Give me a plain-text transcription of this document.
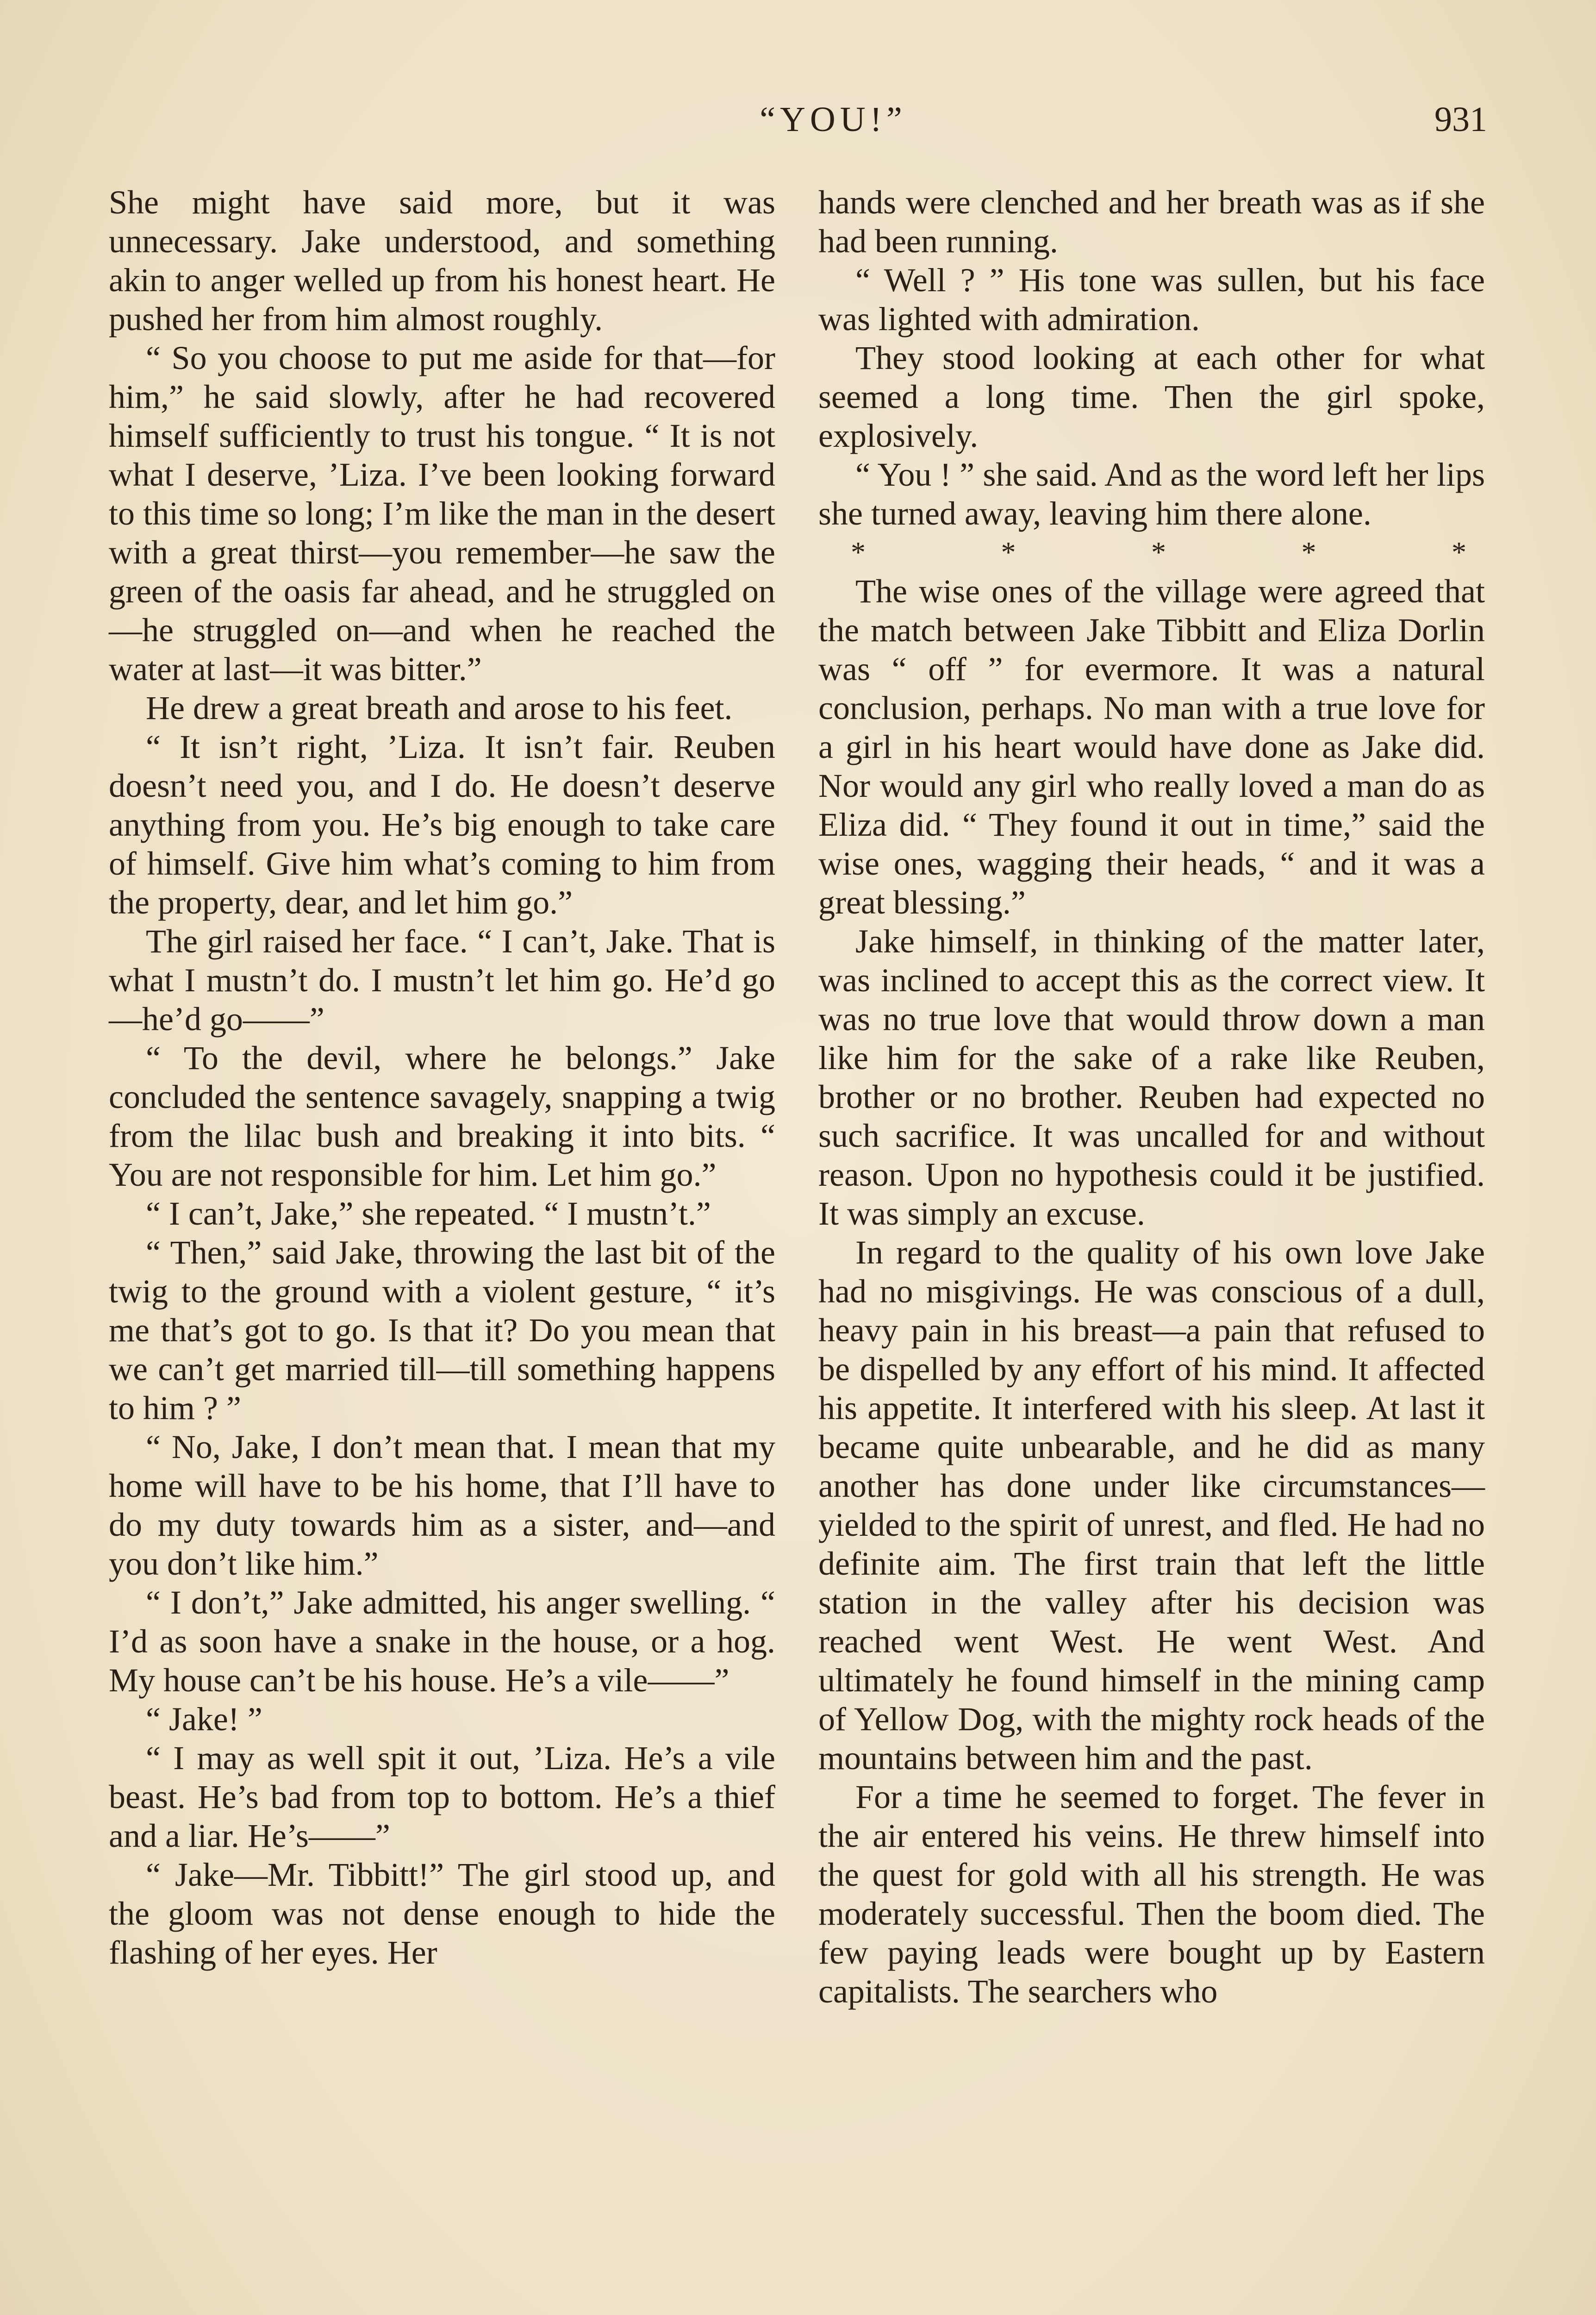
“YOU!”	931

She might have said more, but it was unnecessary. Jake understood, and something akin to anger welled up from his honest heart. He pushed her from him almost roughly.

“ So you choose to put me aside for that—for him,” he said slowly, after he had recovered himself sufficiently to trust his tongue. “ It is not what I deserve, ’Liza. I’ve been looking forward to this time so long; I’m like the man in the desert with a great thirst—you remember—he saw the green of the oasis far ahead, and he struggled on—he struggled on—and when he reached the water at last—it was bitter.”

He drew a great breath and arose to his feet.

“ It isn’t right, ’Liza. It isn’t fair. Reuben doesn’t need you, and I do. He doesn’t deserve anything from you. He’s big enough to take care of himself. Give him what’s coming to him from the property, dear, and let him go.”

The girl raised her face. “ I can’t, Jake. That is what I mustn’t do. I mustn’t let him go. He’d go—he’d go——”

“ To the devil, where he belongs.” Jake concluded the sentence savagely, snapping a twig from the lilac bush and breaking it into bits. “ You are not responsible for him. Let him go.”

“ I can’t, Jake,” she repeated. “ I mustn’t.”

“ Then,” said Jake, throwing the last bit of the twig to the ground with a violent gesture, “ it’s me that’s got to go. Is that it? Do you mean that we can’t get married till—till something happens to him ? ”

“ No, Jake, I don’t mean that. I mean that my home will have to be his home, that I’ll have to do my duty towards him as a sister, and—and you don’t like him.”

“ I don’t,” Jake admitted, his anger swelling. “ I’d as soon have a snake in the house, or a hog. My house can’t be his house. He’s a vile——”

“ Jake! ”

“ I may as well spit it out, ’Liza. He’s a vile beast. He’s bad from top to bottom. He’s a thief and a liar. He’s——”

“ Jake—Mr. Tibbitt!” The girl stood up, and the gloom was not dense enough to hide the flashing of her eyes. Her

hands were clenched and her breath was as if she had been running.

“ Well ? ” His tone was sullen, but his face was lighted with admiration.

They stood looking at each other for what seemed a long time. Then the girl spoke, explosively.

“ You ! ” she said. And as the word left her lips she turned away, leaving him there alone.

*	*	*	*	*

The wise ones of the village were agreed that the match between Jake Tibbitt and Eliza Dorlin was “ off ” for evermore. It was a natural conclusion, perhaps. No man with a true love for a girl in his heart would have done as Jake did. Nor would any girl who really loved a man do as Eliza did. “ They found it out in time,” said the wise ones, wagging their heads, “ and it was a great blessing.”

Jake himself, in thinking of the matter later, was inclined to accept this as the correct view. It was no true love that would throw down a man like him for the sake of a rake like Reuben, brother or no brother. Reuben had expected no such sacrifice. It was uncalled for and without reason. Upon no hypothesis could it be justified. It was simply an excuse.

In regard to the quality of his own love Jake had no misgivings. He was conscious of a dull, heavy pain in his breast—a pain that refused to be dispelled by any effort of his mind. It affected his appetite. It interfered with his sleep. At last it became quite unbearable, and he did as many another has done under like circumstances—yielded to the spirit of unrest, and fled. He had no definite aim. The first train that left the little station in the valley after his decision was reached went West. He went West. And ultimately he found himself in the mining camp of Yellow Dog, with the mighty rock heads of the mountains between him and the past.

For a time he seemed to forget. The fever in the air entered his veins. He threw himself into the quest for gold with all his strength. He was moderately successful. Then the boom died. The few paying leads were bought up by Eastern capitalists. The searchers who
